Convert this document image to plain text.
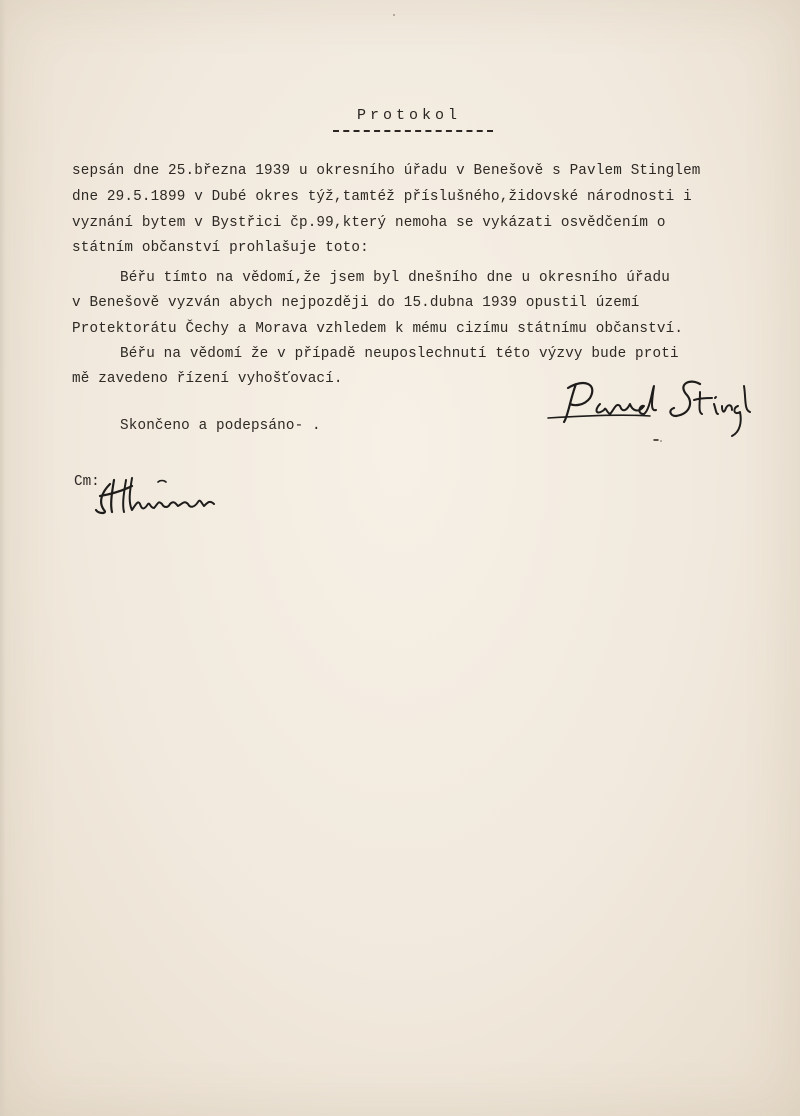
Protokol
sepsán dne 25.března 1939 u okresního úřadu v Benešově s Pavlem Stinglem
dne 29.5.1899 v Dubé okres týž,tamtéž příslušného,židovské národnosti i
vyznání bytem v Bystřici čp.99,který nemoha se vykázati osvědčením o
státním občanství prohlašuje toto:
Béřu tímto na vědomí,že jsem byl dnešního dne u okresního úřadu
v Benešově vyzván abych nejpozději do 15.dubna 1939 opustil území
Protektorátu Čechy a Morava vzhledem k mému cizímu státnímu občanství.
Béřu na vědomí že v případě neuposlechnutí této výzvy bude proti
mě zavedeno řízení vyhošťovací.
Skončeno a podepsáno- .
Cm:
